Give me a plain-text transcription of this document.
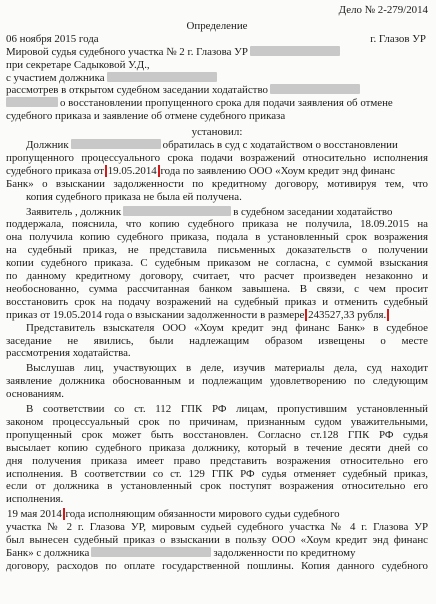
Дело № 2-279/2014
Определение
06 ноября 2015 года	г. Глазов УР
Мировой судья судебного участка № 2 г. Глазова УР
при секретаре Садыковой У.Д.,
с участием должника
рассмотрев в открытом судебном заседании ходатайство
о восстановлении пропущенного срока для подачи заявления об отмене
судебного приказа и заявление об отмене судебного приказа
установил:
Должник	обратилась в суд с ходатайством о восстановлении
пропущенного процессуального срока подачи возражений относительно исполнения
судебного приказа от 19.05.2014 года по заявлению ООО «Хоум кредит энд финанс
Банк» о взыскании задолженности по кредитному договору, мотивируя тем, что
копия судебного приказа не была ей получена.
Заявитель , должник	в судебном заседании ходатайство
поддержала, пояснила, что копию судебного приказа не получила, 18.09.2015 на
она получила копию судебного приказа, подала в установленный срок возражения
на судебный приказ, не представила письменных доказательств о получении
копии судебного приказа. С судебным приказом не согласна, с суммой взыскания
по данному кредитному договору, считает, что расчет произведен незаконно и
необоснованно, сумма рассчитанная банком завышена. В связи, с чем просит
восстановить срок на подачу возражений на судебный приказ и отменить судебный
приказ от 19.05.2014 года о взыскании задолженности в размере 243527,33 рубля.
Представитель взыскателя ООО «Хоум кредит энд финанс Банк» в судебное
заседание не явились, были надлежащим образом извещены о месте
рассмотрения ходатайства.
Выслушав лиц, участвующих в деле, изучив материалы дела, суд находит
заявление должника обоснованным и подлежащим удовлетворению по следующим
основаниям.
В соответствии со ст. 112 ГПК РФ лицам, пропустившим установленный
законом процессуальный срок по причинам, признанным судом уважительными,
пропущенный срок может быть восстановлен. Согласно ст.128 ГПК РФ судья
высылает копию судебного приказа должнику, который в течение десяти дней со
дня получения приказа имеет право представить возражения относительно его
исполнения. В соответствии со ст. 129 ГПК РФ судья отменяет судебный приказ,
если от должника в установленный срок поступят возражения относительно его
исполнения.
19 мая 2014 года исполняющим обязанности мирового судьи судебного
участка № 2 г. Глазова УР, мировым судьей судебного участка № 4 г. Глазова УР
был вынесен судебный приказ о взыскании в пользу ООО «Хоум кредит энд финанс
Банк» с должника	задолженности по кредитному
договору, расходов по оплате государственной пошлины. Копия данного судебного
